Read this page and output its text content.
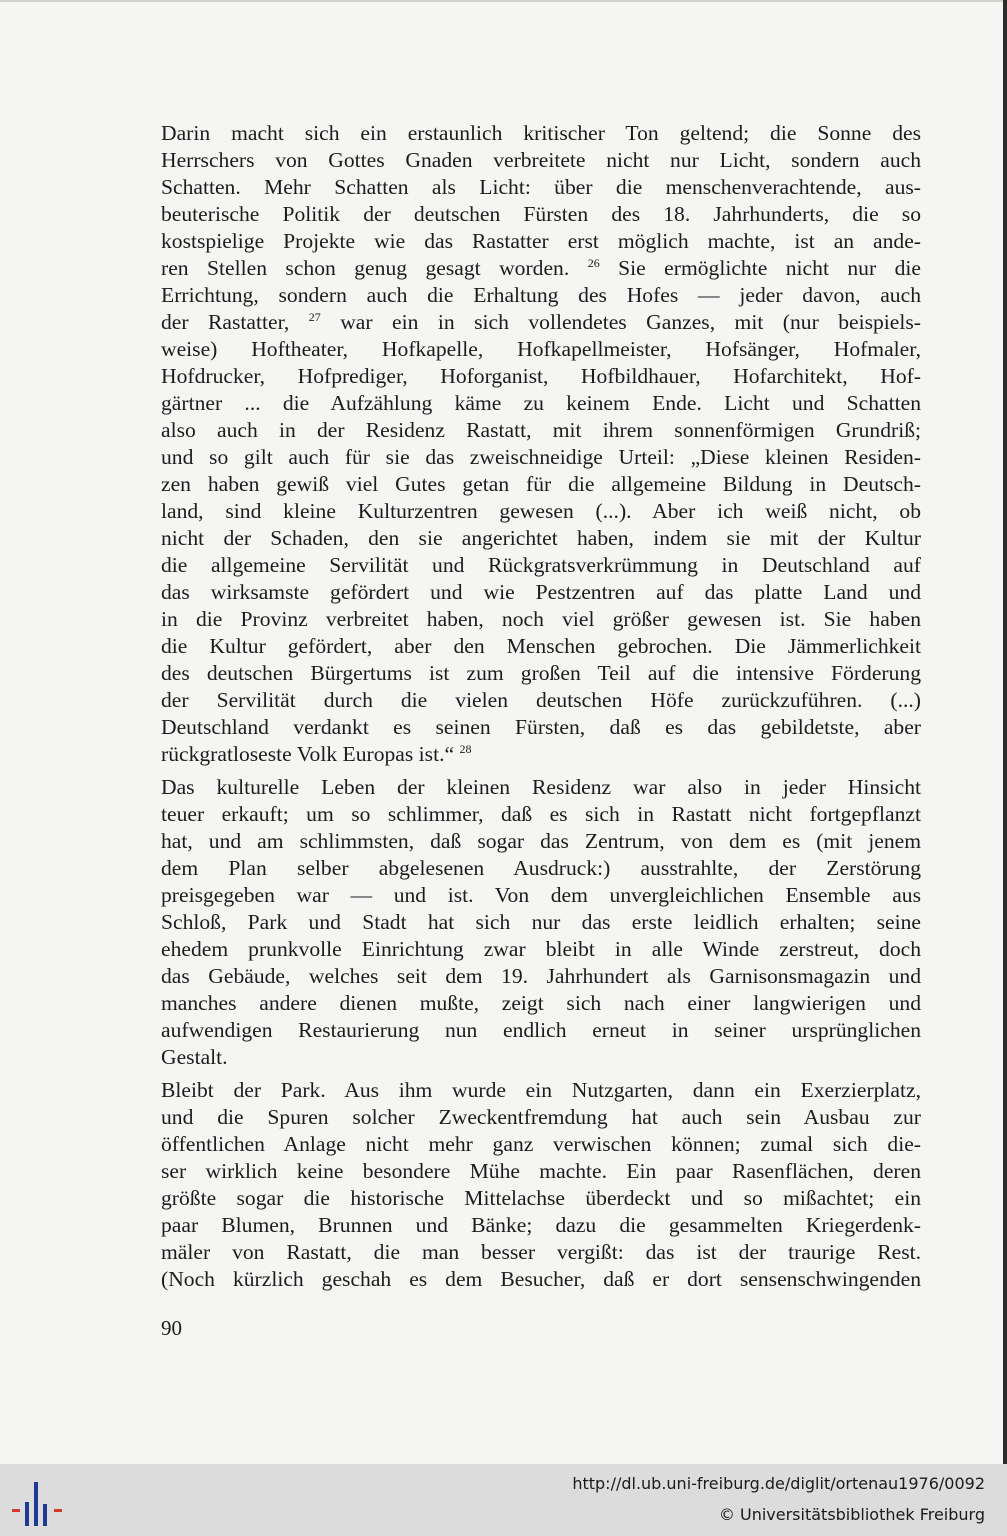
Darin macht sich ein erstaunlich kritischer Ton geltend; die Sonne des
Herrschers von Gottes Gnaden verbreitete nicht nur Licht, sondern auch
Schatten. Mehr Schatten als Licht: über die menschenverachtende, aus-
beuterische Politik der deutschen Fürsten des 18. Jahrhunderts, die so
kostspielige Projekte wie das Rastatter erst möglich machte, ist an ande-
ren Stellen schon genug gesagt worden. $^{26}$ Sie ermöglichte nicht nur die
Errichtung, sondern auch die Erhaltung des Hofes — jeder davon, auch
der Rastatter, $^{27}$ war ein in sich vollendetes Ganzes, mit (nur beispiels-
weise) Hoftheater, Hofkapelle, Hofkapellmeister, Hofsänger, Hofmaler,
Hofdrucker, Hofprediger, Hoforganist, Hofbildhauer, Hofarchitekt, Hof-
gärtner ... die Aufzählung käme zu keinem Ende. Licht und Schatten
also auch in der Residenz Rastatt, mit ihrem sonnenförmigen Grundriß;
und so gilt auch für sie das zweischneidige Urteil: „Diese kleinen Residen-
zen haben gewiß viel Gutes getan für die allgemeine Bildung in Deutsch-
land, sind kleine Kulturzentren gewesen (...). Aber ich weiß nicht, ob
nicht der Schaden, den sie angerichtet haben, indem sie mit der Kultur
die allgemeine Servilität und Rückgratsverkrümmung in Deutschland auf
das wirksamste gefördert und wie Pestzentren auf das platte Land und
in die Provinz verbreitet haben, noch viel größer gewesen ist. Sie haben
die Kultur gefördert, aber den Menschen gebrochen. Die Jämmerlichkeit
des deutschen Bürgertums ist zum großen Teil auf die intensive Förderung
der Servilität durch die vielen deutschen Höfe zurückzuführen. (...)
Deutschland verdankt es seinen Fürsten, daß es das gebildetste, aber
rückgratloseste Volk Europas ist.“ $^{28}$
Das kulturelle Leben der kleinen Residenz war also in jeder Hinsicht
teuer erkauft; um so schlimmer, daß es sich in Rastatt nicht fortgepflanzt
hat, und am schlimmsten, daß sogar das Zentrum, von dem es (mit jenem
dem Plan selber abgelesenen Ausdruck:) ausstrahlte, der Zerstörung
preisgegeben war — und ist. Von dem unvergleichlichen Ensemble aus
Schloß, Park und Stadt hat sich nur das erste leidlich erhalten; seine
ehedem prunkvolle Einrichtung zwar bleibt in alle Winde zerstreut, doch
das Gebäude, welches seit dem 19. Jahrhundert als Garnisonsmagazin und
manches andere dienen mußte, zeigt sich nach einer langwierigen und
aufwendigen Restaurierung nun endlich erneut in seiner ursprünglichen
Gestalt.
Bleibt der Park. Aus ihm wurde ein Nutzgarten, dann ein Exerzierplatz,
und die Spuren solcher Zweckentfremdung hat auch sein Ausbau zur
öffentlichen Anlage nicht mehr ganz verwischen können; zumal sich die-
ser wirklich keine besondere Mühe machte. Ein paar Rasenflächen, deren
größte sogar die historische Mittelachse überdeckt und so mißachtet; ein
paar Blumen, Brunnen und Bänke; dazu die gesammelten Kriegerdenk-
mäler von Rastatt, die man besser vergißt: das ist der traurige Rest.
(Noch kürzlich geschah es dem Besucher, daß er dort sensenschwingenden
90
http://dl.ub.uni-freiburg.de/diglit/ortenau1976/0092
© Universitätsbibliothek Freiburg
